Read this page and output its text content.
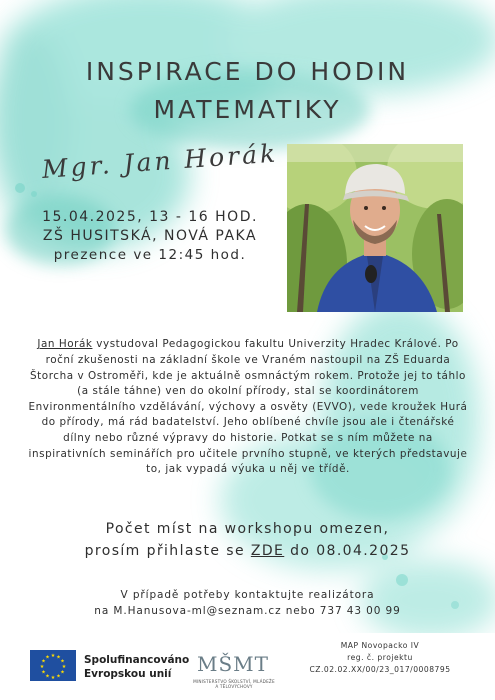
INSPIRACE DO HODIN
MATEMATIKY
Mgr. Jan Horák
15.04.2025, 13 - 16 HOD.
ZŠ HUSITSKÁ, NOVÁ PAKA
prezence ve 12:45 hod.

Jan Horák vystudoval Pedagogickou fakultu Univerzity Hradec Králové. Po roční zkušenosti na základní škole ve Vraném nastoupil na ZŠ Eduarda Štorcha v Ostroměři, kde je aktuálně osmnáctým rokem. Protože jej to táhlo (a stále táhne) ven do okolní přírody, stal se koordinátorem Environmentálního vzdělávání, výchovy a osvěty (EVVO), vede kroužek Hurá do přírody, má rád badatelství. Jeho oblíbené chvíle jsou ale i čtenářské dílny nebo různé výpravy do historie. Potkat se s ním můžete na inspirativních seminářích pro učitele prvního stupně, ve kterých představuje to, jak vypadá výuka u něj ve třídě.

Počet míst na workshopu omezen,
prosím přihlaste se ZDE do 08.04.2025
V případě potřeby kontaktujte realizátora
na M.Hanusova-ml@seznam.cz nebo 737 43 00 99
★ ★
★
★
★
★
★
★
★
★
★
★	Spolufinancováno
Evropskou unií	MŠMT
MINISTERSTVO ŠKOLSTVÍ, MLÁDEŽE A TĚLOVÝCHOVY
MAP Novopacko IV
reg. č. projektu
CZ.02.02.XX/00/23_017/0008795
